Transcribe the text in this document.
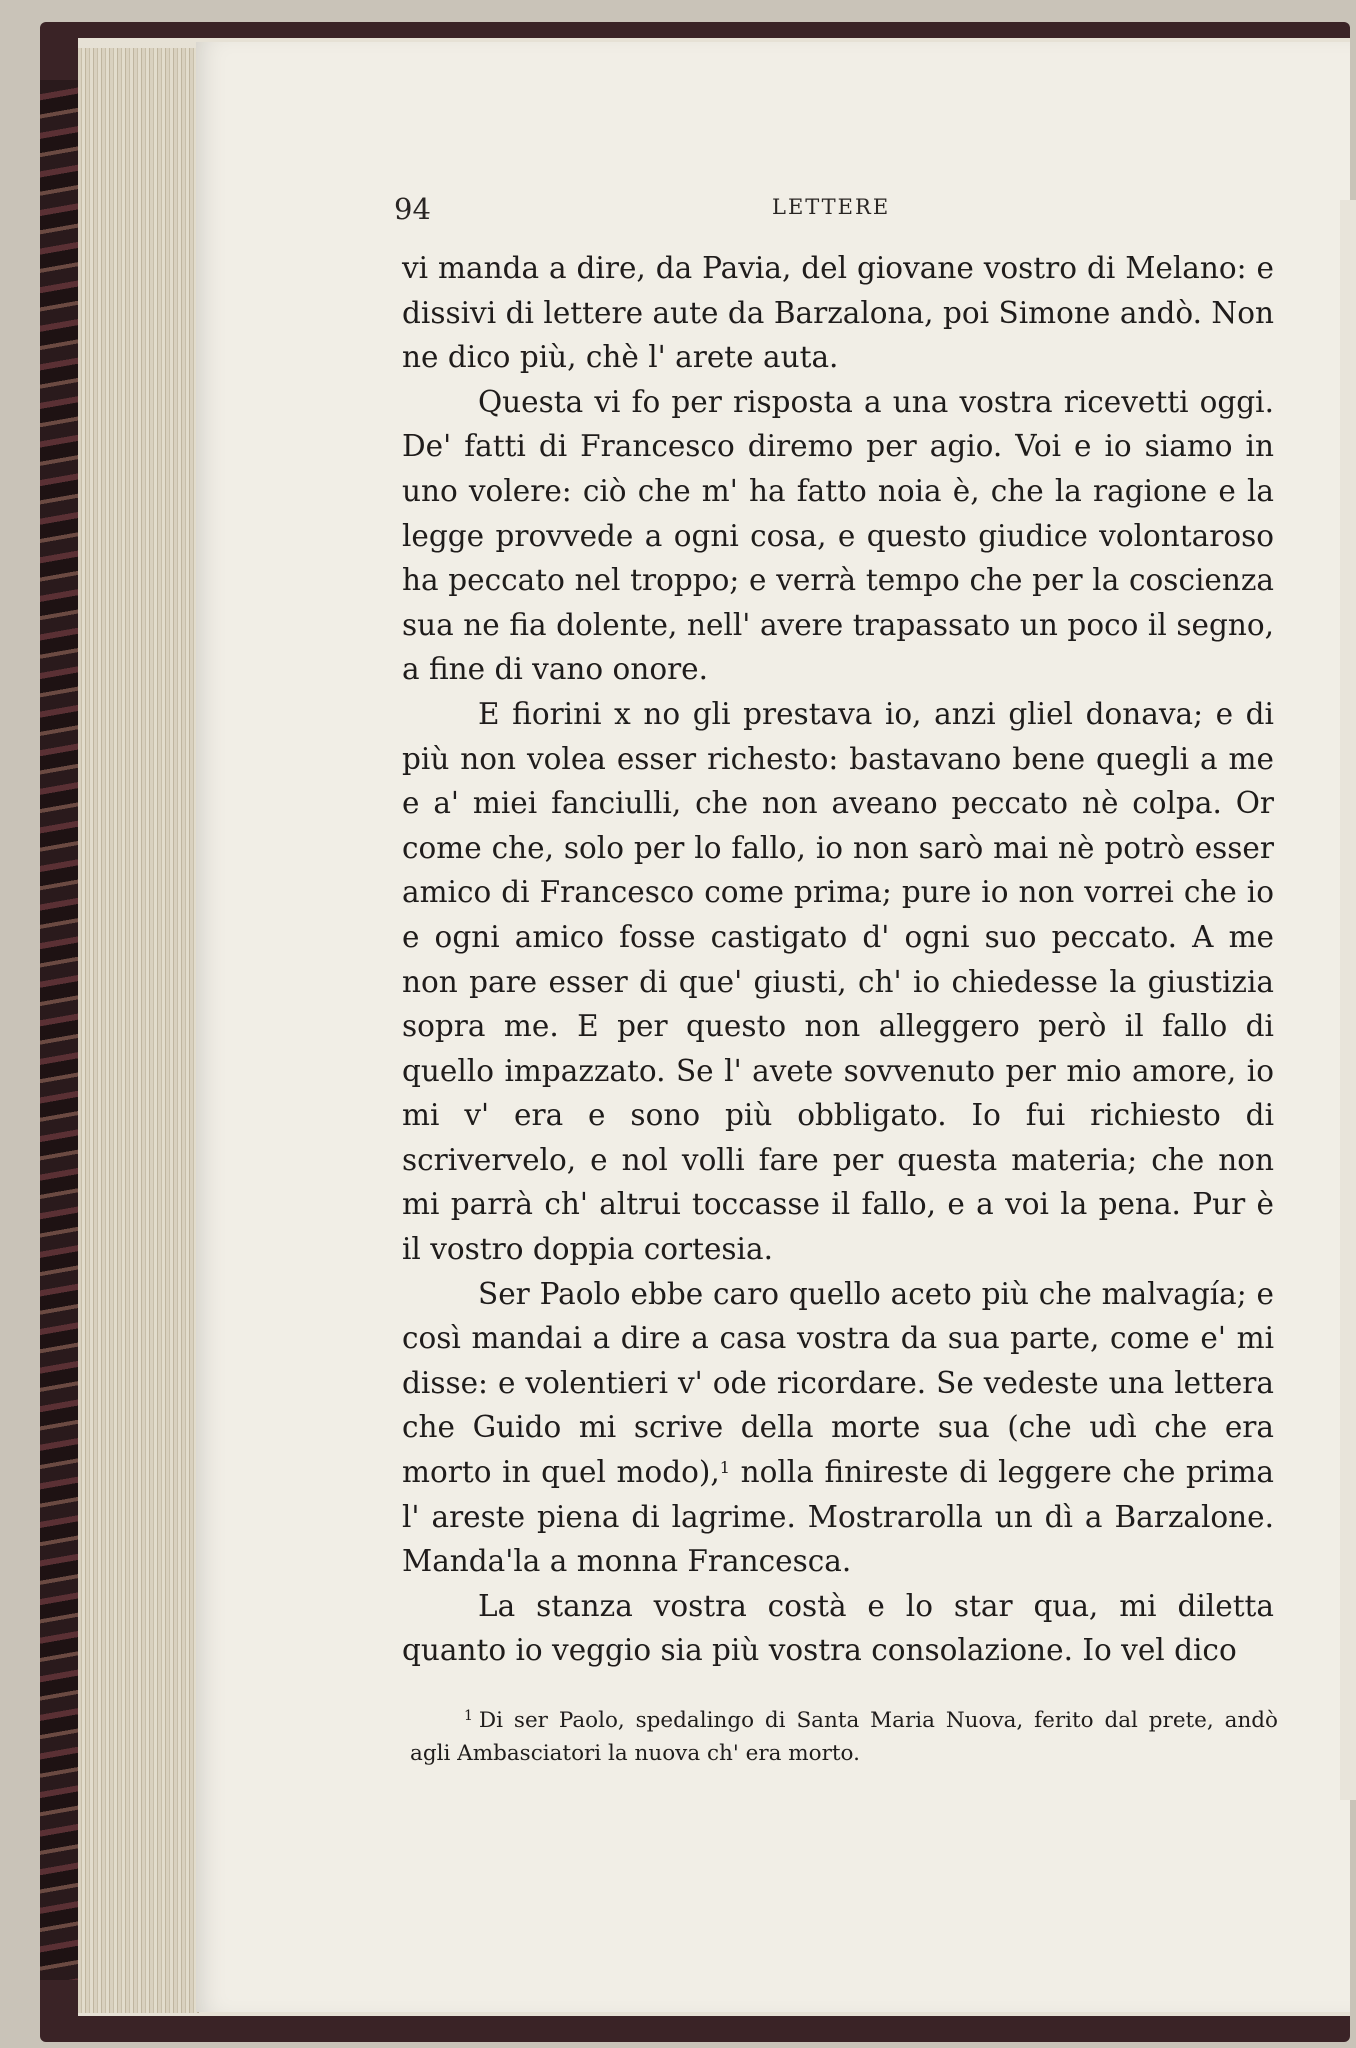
94	LETTERE

vi manda a dire, da Pavia, del giovane vostro di Melano: e dissivi di lettere aute da Barzalona, poi Simone andò. Non ne dico più, chè l' arete auta.

Questa vi fo per risposta a una vostra ricevetti oggi. De' fatti di Francesco diremo per agio. Voi e io siamo in uno volere: ciò che m' ha fatto noia è, che la ragione e la legge provvede a ogni cosa, e questo giudice volontaroso ha peccato nel troppo; e verrà tempo che per la coscienza sua ne fia dolente, nell' avere trapassato un poco il segno, a fine di vano onore.

E fiorini x no gli prestava io, anzi gliel donava; e di più non volea esser richesto: bastavano bene quegli a me e a' miei fanciulli, che non aveano peccato nè colpa. Or come che, solo per lo fallo, io non sarò mai nè potrò esser amico di Francesco come prima; pure io non vorrei che io e ogni amico fosse castigato d' ogni suo peccato. A me non pare esser di que' giusti, ch' io chiedesse la giustizia sopra me. E per questo non alleggero però il fallo di quello impazzato. Se l' avete sovvenuto per mio amore, io mi v' era e sono più obbligato. Io fui richiesto di scrivervelo, e nol volli fare per questa materia; che non mi parrà ch' altrui toccasse il fallo, e a voi la pena. Pur è il vostro doppia cortesia.

Ser Paolo ebbe caro quello aceto più che malvagía; e così mandai a dire a casa vostra da sua parte, come e' mi disse: e volentieri v' ode ricordare. Se vedeste una lettera che Guido mi scrive della morte sua (che udì che era morto in quel modo),$^1$ nolla finireste di leggere che prima l' areste piena di lagrime. Mostrarolla un dì a Barzalone. Manda'la a monna Francesca.

La stanza vostra costà e lo star qua, mi diletta quanto io veggio sia più vostra consolazione. Io vel dico

$^1$ Di ser Paolo, spedalingo di Santa Maria Nuova, ferito dal prete, andò agli Ambasciatori la nuova ch' era morto.
